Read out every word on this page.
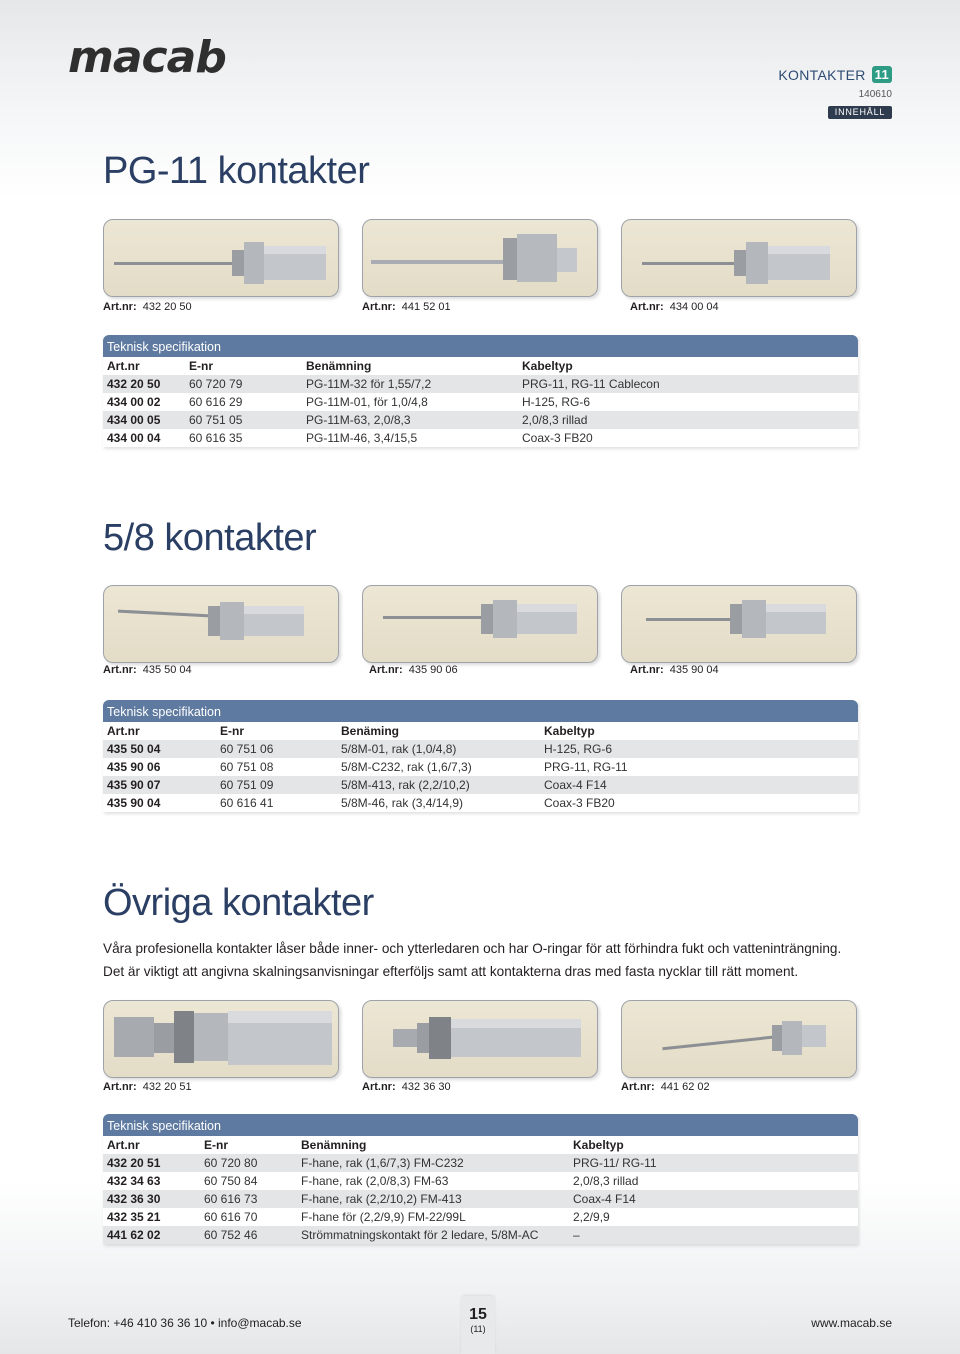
macab	KONTAKTER 11
140610
INNEHÅLL
PG-11 kontakter
Art.nr: 432 20 50	Art.nr: 441 52 01	Art.nr: 434 00 04
Teknisk specifikation
Art.nr	E-nr	Benämning	Kabeltyp
432 20 50	60 720 79	PG-11M-32 för 1,55/7,2	PRG-11, RG-11 Cablecon
434 00 02	60 616 29	PG-11M-01, för 1,0/4,8	H-125, RG-6
434 00 05	60 751 05	PG-11M-63, 2,0/8,3	2,0/8,3 rillad
434 00 04	60 616 35	PG-11M-46, 3,4/15,5	Coax-3 FB20
5/8 kontakter
Art.nr: 435 50 04	Art.nr: 435 90 06	Art.nr: 435 90 04
Teknisk specifikation
Art.nr	E-nr	Benäming	Kabeltyp
435 50 04	60 751 06	5/8M-01, rak (1,0/4,8)	H-125, RG-6
435 90 06	60 751 08	5/8M-C232, rak (1,6/7,3)	PRG-11, RG-11
435 90 07	60 751 09	5/8M-413, rak (2,2/10,2)	Coax-4 F14
435 90 04	60 616 41	5/8M-46, rak (3,4/14,9)	Coax-3 FB20
Övriga kontakter
Våra profesionella kontakter låser både inner- och ytterledaren och har O-ringar för att förhindra fukt och vatteninträngning. Det är viktigt att angivna skalningsanvisningar efterföljs samt att kontakterna dras med fasta nycklar till rätt moment.
Art.nr: 432 20 51	Art.nr: 432 36 30	Art.nr: 441 62 02
Teknisk specifikation
Art.nr	E-nr	Benämning	Kabeltyp
432 20 51	60 720 80	F-hane, rak (1,6/7,3) FM-C232	PRG-11/ RG-11
432 34 63	60 750 84	F-hane, rak (2,0/8,3) FM-63	2,0/8,3 rillad
432 36 30	60 616 73	F-hane, rak (2,2/10,2) FM-413	Coax-4 F14
432 35 21	60 616 70	F-hane för (2,2/9,9) FM-22/99L	2,2/9,9
441 62 02	60 752 46	Strömmatningskontakt för 2 ledare, 5/8M-AC	–
Telefon: +46 410 36 36 10 • info@macab.se	15
(11)	www.macab.se
